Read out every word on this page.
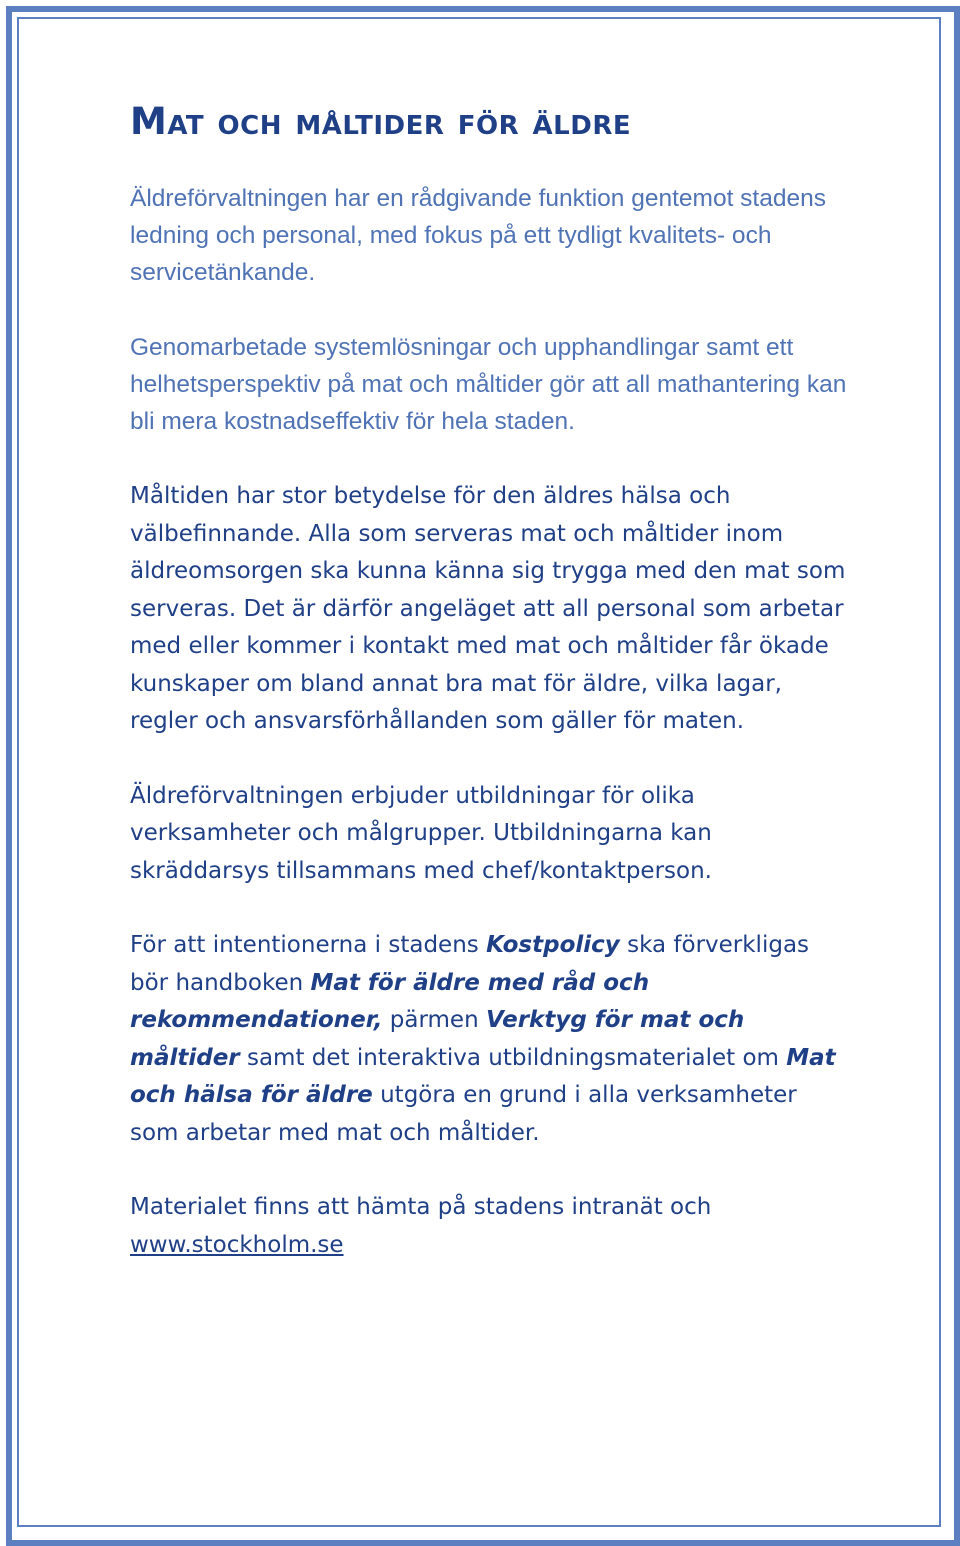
Mat och måltider för äldre

Äldreförvaltningen har en rådgivande funktion gentemot stadens ledning och personal, med fokus på ett tydligt kvalitets- och servicetänkande.

Genomarbetade systemlösningar och upphandlingar samt ett helhetsperspektiv på mat och måltider gör att all mathantering kan bli mera kostnadseffektiv för hela staden.

Måltiden har stor betydelse för den äldres hälsa och välbefinnande. Alla som serveras mat och måltider inom äldreomsorgen ska kunna känna sig trygga med den mat som serveras. Det är därför angeläget att all personal som arbetar med eller kommer i kontakt med mat och måltider får ökade kunskaper om bland annat bra mat för äldre, vilka lagar, regler och ansvarsförhållanden som gäller för maten.

Äldreförvaltningen erbjuder utbildningar för olika verksamheter och målgrupper. Utbildningarna kan skräddarsys tillsammans med chef/kontaktperson.

För att intentionerna i stadens Kostpolicy ska förverkligas bör handboken Mat för äldre med råd och rekommendationer, pärmen Verktyg för mat och måltider samt det interaktiva utbildningsmaterialet om Mat och hälsa för äldre utgöra en grund i alla verksamheter som arbetar med mat och måltider.

Materialet finns att hämta på stadens intranät och www.stockholm.se
